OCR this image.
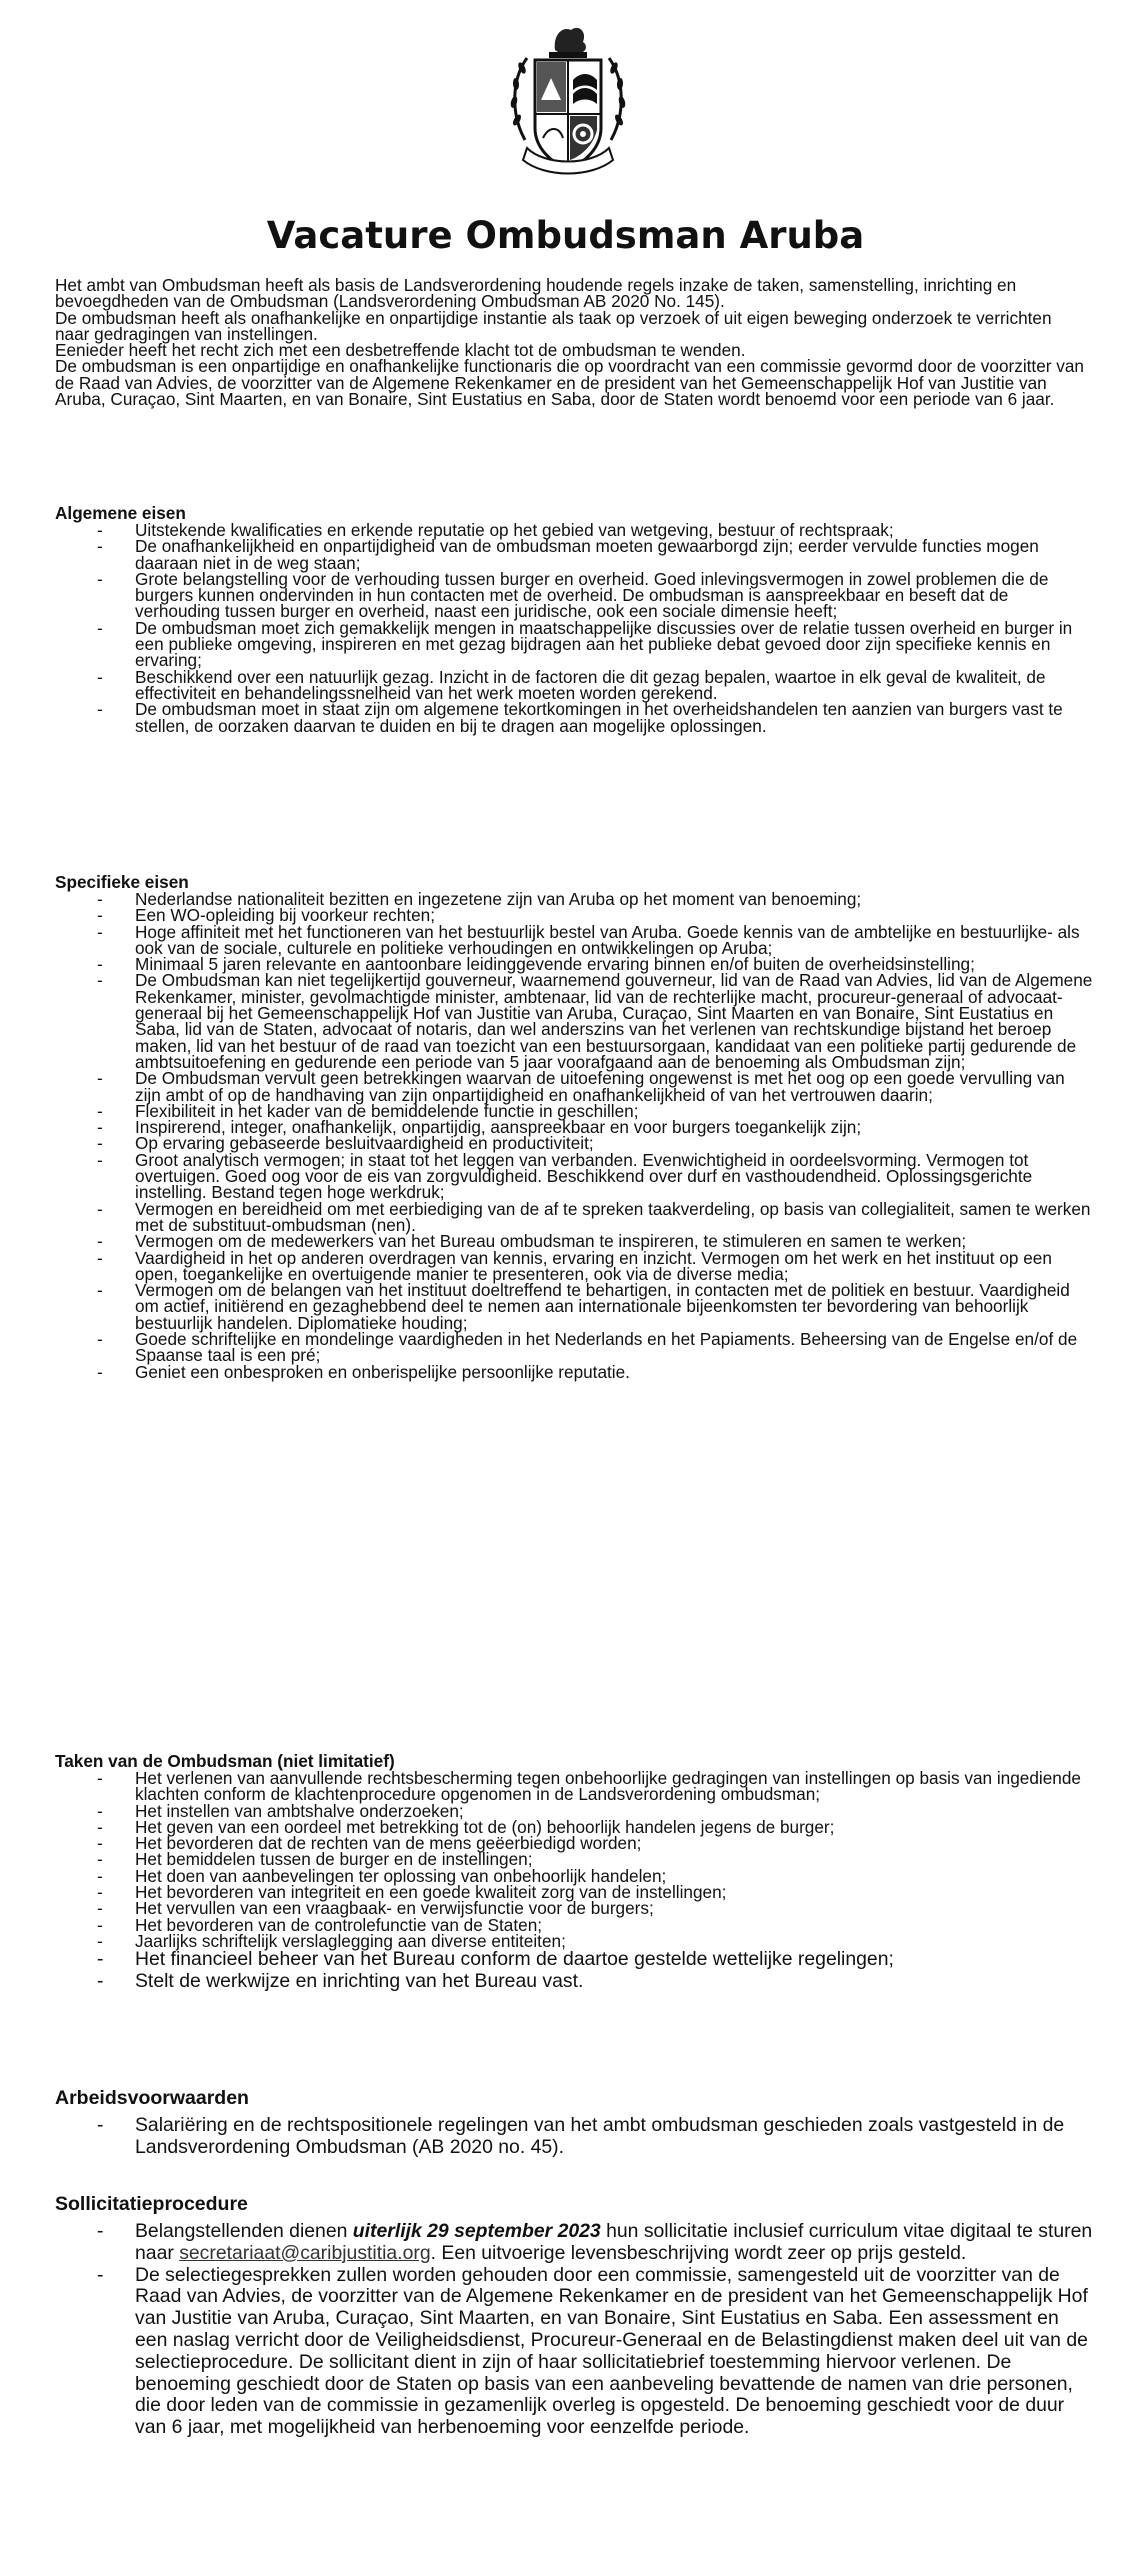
Vacature Ombudsman Aruba

Het ambt van Ombudsman heeft als basis de Landsverordening houdende regels inzake de taken, samenstelling, inrichting en bevoegdheden van de Ombudsman (Landsverordening Ombudsman AB 2020 No. 145).

De ombudsman heeft als onafhankelijke en onpartijdige instantie als taak op verzoek of uit eigen beweging onderzoek te verrichten naar gedragingen van instellingen.

Eenieder heeft het recht zich met een desbetreffende klacht tot de ombudsman te wenden.

De ombudsman is een onpartijdige en onafhankelijke functionaris die op voordracht van een commissie gevormd door de voorzitter van de Raad van Advies, de voorzitter van de Algemene Rekenkamer en de president van het Gemeenschappelijk Hof van Justitie van Aruba, Curaçao, Sint Maarten, en van Bonaire, Sint Eustatius en Saba, door de Staten wordt benoemd voor een periode van 6 jaar.

Algemene eisen
- Uitstekende kwalificaties en erkende reputatie op het gebied van wetgeving, bestuur of rechtspraak;
- De onafhankelijkheid en onpartijdigheid van de ombudsman moeten gewaarborgd zijn; eerder vervulde functies mogen daaraan niet in de weg staan;
- Grote belangstelling voor de verhouding tussen burger en overheid. Goed inlevingsvermogen in zowel problemen die de burgers kunnen ondervinden in hun contacten met de overheid. De ombudsman is aanspreekbaar en beseft dat de verhouding tussen burger en overheid, naast een juridische, ook een sociale dimensie heeft;
- De ombudsman moet zich gemakkelijk mengen in maatschappelijke discussies over de relatie tussen overheid en burger in een publieke omgeving, inspireren en met gezag bijdragen aan het publieke debat gevoed door zijn specifieke kennis en ervaring;
- Beschikkend over een natuurlijk gezag. Inzicht in de factoren die dit gezag bepalen, waartoe in elk geval de kwaliteit, de effectiviteit en behandelingssnelheid van het werk moeten worden gerekend.
- De ombudsman moet in staat zijn om algemene tekortkomingen in het overheidshandelen ten aanzien van burgers vast te stellen, de oorzaken daarvan te duiden en bij te dragen aan mogelijke oplossingen.
Specifieke eisen
- Nederlandse nationaliteit bezitten en ingezetene zijn van Aruba op het moment van benoeming;
- Een WO-opleiding bij voorkeur rechten;
- Hoge affiniteit met het functioneren van het bestuurlijk bestel van Aruba. Goede kennis van de ambtelijke en bestuurlijke- als ook van de sociale, culturele en politieke verhoudingen en ontwikkelingen op Aruba;
- Minimaal 5 jaren relevante en aantoonbare leidinggevende ervaring binnen en/of buiten de overheidsinstelling;
- De Ombudsman kan niet tegelijkertijd gouverneur, waarnemend gouverneur, lid van de Raad van Advies, lid van de Algemene Rekenkamer, minister, gevolmachtigde minister, ambtenaar, lid van de rechterlijke macht, procureur-generaal of advocaat-generaal bij het Gemeenschappelijk Hof van Justitie van Aruba, Curaçao, Sint Maarten en van Bonaire, Sint Eustatius en Saba, lid van de Staten, advocaat of notaris, dan wel anderszins van het verlenen van rechtskundige bijstand het beroep maken, lid van het bestuur of de raad van toezicht van een bestuursorgaan, kandidaat van een politieke partij gedurende de ambtsuitoefening en gedurende een periode van 5 jaar voorafgaand aan de benoeming als Ombudsman zijn;
- De Ombudsman vervult geen betrekkingen waarvan de uitoefening ongewenst is met het oog op een goede vervulling van zijn ambt of op de handhaving van zijn onpartijdigheid en onafhankelijkheid of van het vertrouwen daarin;
- Flexibiliteit in het kader van de bemiddelende functie in geschillen;
- Inspirerend, integer, onafhankelijk, onpartijdig, aanspreekbaar en voor burgers toegankelijk zijn;
- Op ervaring gebaseerde besluitvaardigheid en productiviteit;
- Groot analytisch vermogen; in staat tot het leggen van verbanden. Evenwichtigheid in oordeelsvorming. Vermogen tot overtuigen. Goed oog voor de eis van zorgvuldigheid. Beschikkend over durf en vasthoudendheid. Oplossingsgerichte instelling. Bestand tegen hoge werkdruk;
- Vermogen en bereidheid om met eerbiediging van de af te spreken taakverdeling, op basis van collegialiteit, samen te werken met de substituut-ombudsman (nen).
- Vermogen om de medewerkers van het Bureau ombudsman te inspireren, te stimuleren en samen te werken;
- Vaardigheid in het op anderen overdragen van kennis, ervaring en inzicht. Vermogen om het werk en het instituut op een open, toegankelijke en overtuigende manier te presenteren, ook via de diverse media;
- Vermogen om de belangen van het instituut doeltreffend te behartigen, in contacten met de politiek en bestuur. Vaardigheid om actief, initiërend en gezaghebbend deel te nemen aan internationale bijeenkomsten ter bevordering van behoorlijk bestuurlijk handelen. Diplomatieke houding;
- Goede schriftelijke en mondelinge vaardigheden in het Nederlands en het Papiaments. Beheersing van de Engelse en/of de Spaanse taal is een pré;
- Geniet een onbesproken en onberispelijke persoonlijke reputatie.
Taken van de Ombudsman (niet limitatief)
- Het verlenen van aanvullende rechtsbescherming tegen onbehoorlijke gedragingen van instellingen op basis van ingediende klachten conform de klachtenprocedure opgenomen in de Landsverordening ombudsman;
- Het instellen van ambtshalve onderzoeken;
- Het geven van een oordeel met betrekking tot de (on) behoorlijk handelen jegens de burger;
- Het bevorderen dat de rechten van de mens geëerbiedigd worden;
- Het bemiddelen tussen de burger en de instellingen;
- Het doen van aanbevelingen ter oplossing van onbehoorlijk handelen;
- Het bevorderen van integriteit en een goede kwaliteit zorg van de instellingen;
- Het vervullen van een vraagbaak- en verwijsfunctie voor de burgers;
- Het bevorderen van de controlefunctie van de Staten;
- Jaarlijks schriftelijk verslaglegging aan diverse entiteiten;
- Het financieel beheer van het Bureau conform de daartoe gestelde wettelijke regelingen;
- Stelt de werkwijze en inrichting van het Bureau vast.
Arbeidsvoorwaarden
- Salariëring en de rechtspositionele regelingen van het ambt ombudsman geschieden zoals vastgesteld in de Landsverordening Ombudsman (AB 2020 no. 45).
Sollicitatieprocedure
- Belangstellenden dienen uiterlijk 29 september 2023 hun sollicitatie inclusief curriculum vitae digitaal te sturen naar secretariaat@caribjustitia.org. Een uitvoerige levensbeschrijving wordt zeer op prijs gesteld.
- De selectiegesprekken zullen worden gehouden door een commissie, samengesteld uit de voorzitter van de Raad van Advies, de voorzitter van de Algemene Rekenkamer en de president van het Gemeenschappelijk Hof van Justitie van Aruba, Curaçao, Sint Maarten, en van Bonaire, Sint Eustatius en Saba. Een assessment en een naslag verricht door de Veiligheidsdienst, Procureur-Generaal en de Belastingdienst maken deel uit van de selectieprocedure. De sollicitant dient in zijn of haar sollicitatiebrief toestemming hiervoor verlenen. De benoeming geschiedt door de Staten op basis van een aanbeveling bevattende de namen van drie personen, die door leden van de commissie in gezamenlijk overleg is opgesteld. De benoeming geschiedt voor de duur van 6 jaar, met mogelijkheid van herbenoeming voor eenzelfde periode.
